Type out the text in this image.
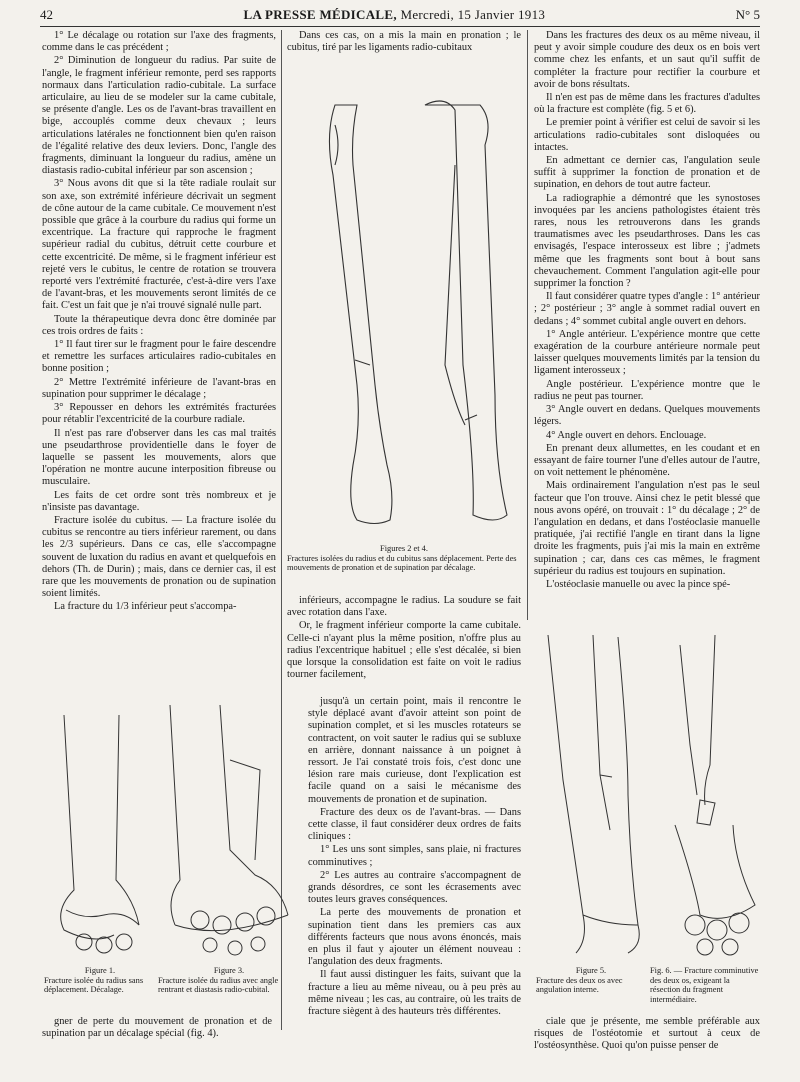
42	LA PRESSE MÉDICALE, Mercredi, 15 Janvier 1913	N° 5

1° Le décalage ou rotation sur l'axe des fragments, comme dans le cas précédent ;

2° Diminution de longueur du radius. Par suite de l'angle, le fragment inférieur remonte, perd ses rapports normaux dans l'articulation radio-cubitale. La surface articulaire, au lieu de se modeler sur la came cubitale, se présente d'angle. Les os de l'avant-bras travaillent en bige, accouplés comme deux chevaux ; leurs articulations latérales ne fonctionnent bien qu'en raison de l'égalité relative des deux leviers. Donc, l'angle des fragments, diminuant la longueur du radius, amène un diastasis radio-cubital inférieur par son ascension ;

3° Nous avons dit que si la tête radiale roulait sur son axe, son extrémité inférieure décrivait un segment de cône autour de la came cubitale. Ce mouvement n'est possible que grâce à la courbure du radius qui forme un excentrique. La fracture qui rapproche le fragment supérieur radial du cubitus, détruit cette courbure et cette excentricité. De même, si le fragment inférieur est rejeté vers le cubitus, le centre de rotation se trouvera reporté vers l'extrémité fracturée, c'est-à-dire vers l'axe de l'avant-bras, et les mouvements seront limités de ce fait. C'est un fait que je n'ai trouvé signalé nulle part.

Toute la thérapeutique devra donc être dominée par ces trois ordres de faits :

1° Il faut tirer sur le fragment pour le faire descendre et remettre les surfaces articulaires radio-cubitales en bonne position ;

2° Mettre l'extrémité inférieure de l'avant-bras en supination pour supprimer le décalage ;

3° Repousser en dehors les extrémités fracturées pour rétablir l'excentricité de la courbure radiale.

Il n'est pas rare d'observer dans les cas mal traités une pseudarthrose providentielle dans le foyer de laquelle se passent les mouvements, alors que l'opération ne montre aucune interposition fibreuse ou musculaire.

Les faits de cet ordre sont très nombreux et je n'insiste pas davantage.

Fracture isolée du cubitus. — La fracture isolée du cubitus se rencontre au tiers inférieur rarement, ou dans les 2/3 supérieurs. Dans ce cas, elle s'accompagne souvent de luxation du radius en avant et quelquefois en dehors (Th. de Durin) ; mais, dans ce dernier cas, il est rare que les mouvements de pronation ou de supination soient limités.

La fracture du 1/3 inférieur peut s'accompa-

Dans ces cas, on a mis la main en pronation ; le cubitus, tiré par les ligaments radio-cubitaux

Figures 2 et 4.
Fractures isolées du radius et du cubitus sans déplacement. Perte des mouvements de pronation et de supination par décalage.

inférieurs, accompagne le radius. La soudure se fait avec rotation dans l'axe.

Or, le fragment inférieur comporte la came cubitale. Celle-ci n'ayant plus la même position, n'offre plus au radius l'excentrique habituel ; elle s'est décalée, si bien que lorsque la consolidation est faite on voit le radius tourner facilement,

jusqu'à un certain point, mais il rencontre le style déplacé avant d'avoir atteint son point de supination complet, et si les muscles rotateurs se contractent, on voit sauter le radius qui se subluxe en arrière, donnant naissance à un poignet à ressort. Je l'ai constaté trois fois, c'est donc une lésion rare mais curieuse, dont l'explication est facile quand on a saisi le mécanisme des mouvements de pronation et de supination.

Fracture des deux os de l'avant-bras. — Dans cette classe, il faut considérer deux ordres de faits cliniques :

1° Les uns sont simples, sans plaie, ni fractures comminutives ;

2° Les autres au contraire s'accompagnent de grands désordres, ce sont les écrasements avec toutes leurs graves conséquences.

La perte des mouvements de pronation et supination tient dans les premiers cas aux différents facteurs que nous avons énoncés, mais en plus il faut y ajouter un élément nouveau : l'angulation des deux fragments.

Il faut aussi distinguer les faits, suivant que la fracture a lieu au même niveau, ou à peu près au même niveau ; les cas, au contraire, où les traits de fracture siègent à des hauteurs très différentes.

Dans les fractures des deux os au même niveau, il peut y avoir simple coudure des deux os en bois vert comme chez les enfants, et un saut qu'il suffit de compléter la fracture pour rectifier la courbure et avoir de bons résultats.

Il n'en est pas de même dans les fractures d'adultes où la fracture est complète (fig. 5 et 6).

Le premier point à vérifier est celui de savoir si les articulations radio-cubitales sont disloquées ou intactes.

En admettant ce dernier cas, l'angulation seule suffit à supprimer la fonction de pronation et de supination, en dehors de tout autre facteur.

La radiographie a démontré que les synostoses invoquées par les anciens pathologistes étaient très rares, nous les retrouverons dans les grands traumatismes avec les pseudarthroses. Dans les cas envisagés, l'espace interosseux est libre ; j'admets même que les fragments sont bout à bout sans chevauchement. Comment l'angulation agit-elle pour supprimer la fonction ?

Il faut considérer quatre types d'angle : 1° antérieur ; 2° postérieur ; 3° angle à sommet radial ouvert en dedans ; 4° sommet cubital angle ouvert en dehors.

1° Angle antérieur. L'expérience montre que cette exagération de la courbure antérieure normale peut laisser quelques mouvements limités par la tension du ligament interosseux ;

Angle postérieur. L'expérience montre que le radius ne peut pas tourner.

3° Angle ouvert en dedans. Quelques mouvements légers.

4° Angle ouvert en dehors. Enclouage.

En prenant deux allumettes, en les coudant et en essayant de faire tourner l'une d'elles autour de l'autre, on voit nettement le phénomène.

Mais ordinairement l'angulation n'est pas le seul facteur que l'on trouve. Ainsi chez le petit blessé que nous avons opéré, on trouvait : 1° du décalage ; 2° de l'angulation en dedans, et dans l'ostéoclasie manuelle pratiquée, j'ai rectifié l'angle en tirant dans la ligne droite les fragments, puis j'ai mis la main en extrême supination ; car, dans ces cas mêmes, le fragment supérieur du radius est toujours en supination.

L'ostéoclasie manuelle ou avec la pince spé-

Figure 1.
Fracture isolée du radius sans déplacement. Décalage.
Figure 3.
Fracture isolée du radius avec angle rentrant et diastasis radio-cubital.
Figure 5.
Fracture des deux os avec angulation interne.
Fig. 6. — Fracture comminutive des deux os, exigeant la résection du fragment intermédiaire.

gner de perte du mouvement de pronation et de supination par un décalage spécial (fig. 4).

ciale que je présente, me semble préférable aux risques de l'ostéotomie et surtout à ceux de l'ostéosynthèse. Quoi qu'on puisse penser de
